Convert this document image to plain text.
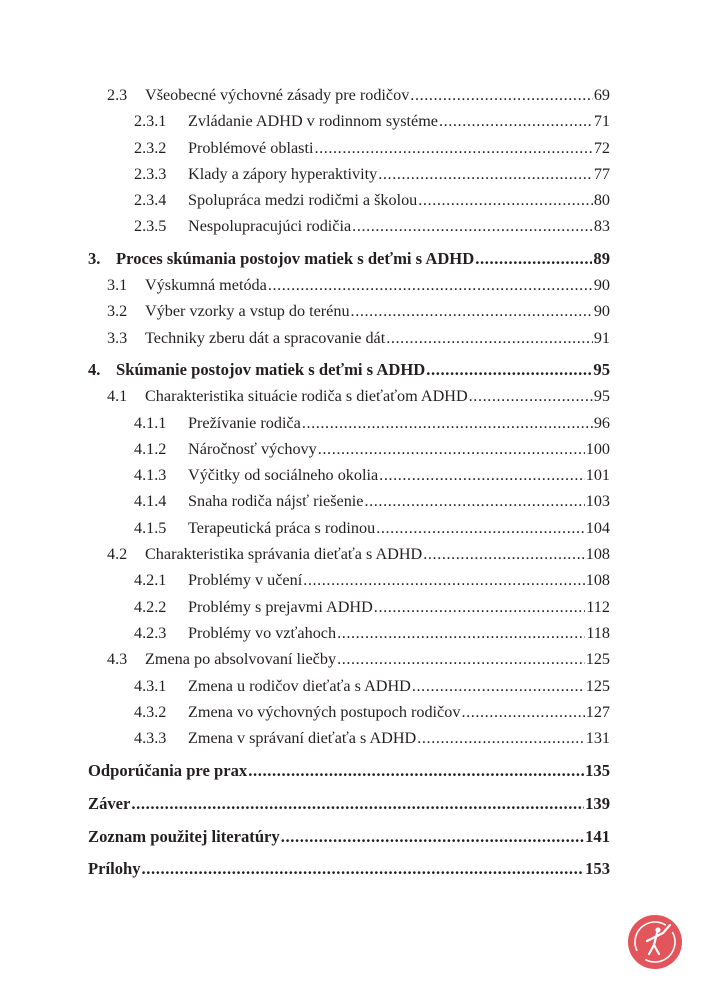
2.3	Všeobecné výchovné zásady pre rodičov .....	69
2.3.1	Zvládanie ADHD v rodinnom systéme .....	71
2.3.2	Problémové oblasti .....	72
2.3.3	Klady a zápory hyperaktivity .....	77
2.3.4	Spolupráca medzi rodičmi a školou .....	80
2.3.5	Nespolupracujúci rodičia .....	83
3. Proces skúmania postojov matiek s deťmi s ADHD .....	89
3.1	Výskumná metóda .....	90
3.2	Výber vzorky a vstup do terénu .....	90
3.3	Techniky zberu dát a spracovanie dát .....	91
4. Skúmanie postojov matiek s deťmi s ADHD .....	95
4.1	Charakteristika situácie rodiča s dieťaťom ADHD .....	95
4.1.1	Prežívanie rodiča .....	96
4.1.2	Náročnosť výchovy .....	100
4.1.3	Výčitky od sociálneho okolia .....	101
4.1.4	Snaha rodiča nájsť riešenie .....	103
4.1.5	Terapeutická práca s rodinou .....	104
4.2	Charakteristika správania dieťaťa s ADHD .....	108
4.2.1	Problémy v učení .....	108
4.2.2	Problémy s prejavmi ADHD .....	112
4.2.3	Problémy vo vzťahoch .....	118
4.3	Zmena po absolvovaní liečby .....	125
4.3.1	Zmena u rodičov dieťaťa s ADHD .....	125
4.3.2	Zmena vo výchovných postupoch rodičov .....	127
4.3.3	Zmena v správaní dieťaťa s ADHD .....	131
Odporúčania pre prax .....	135
Záver .....	139
Zoznam použitej literatúry .....	141
Prílohy .....	153
